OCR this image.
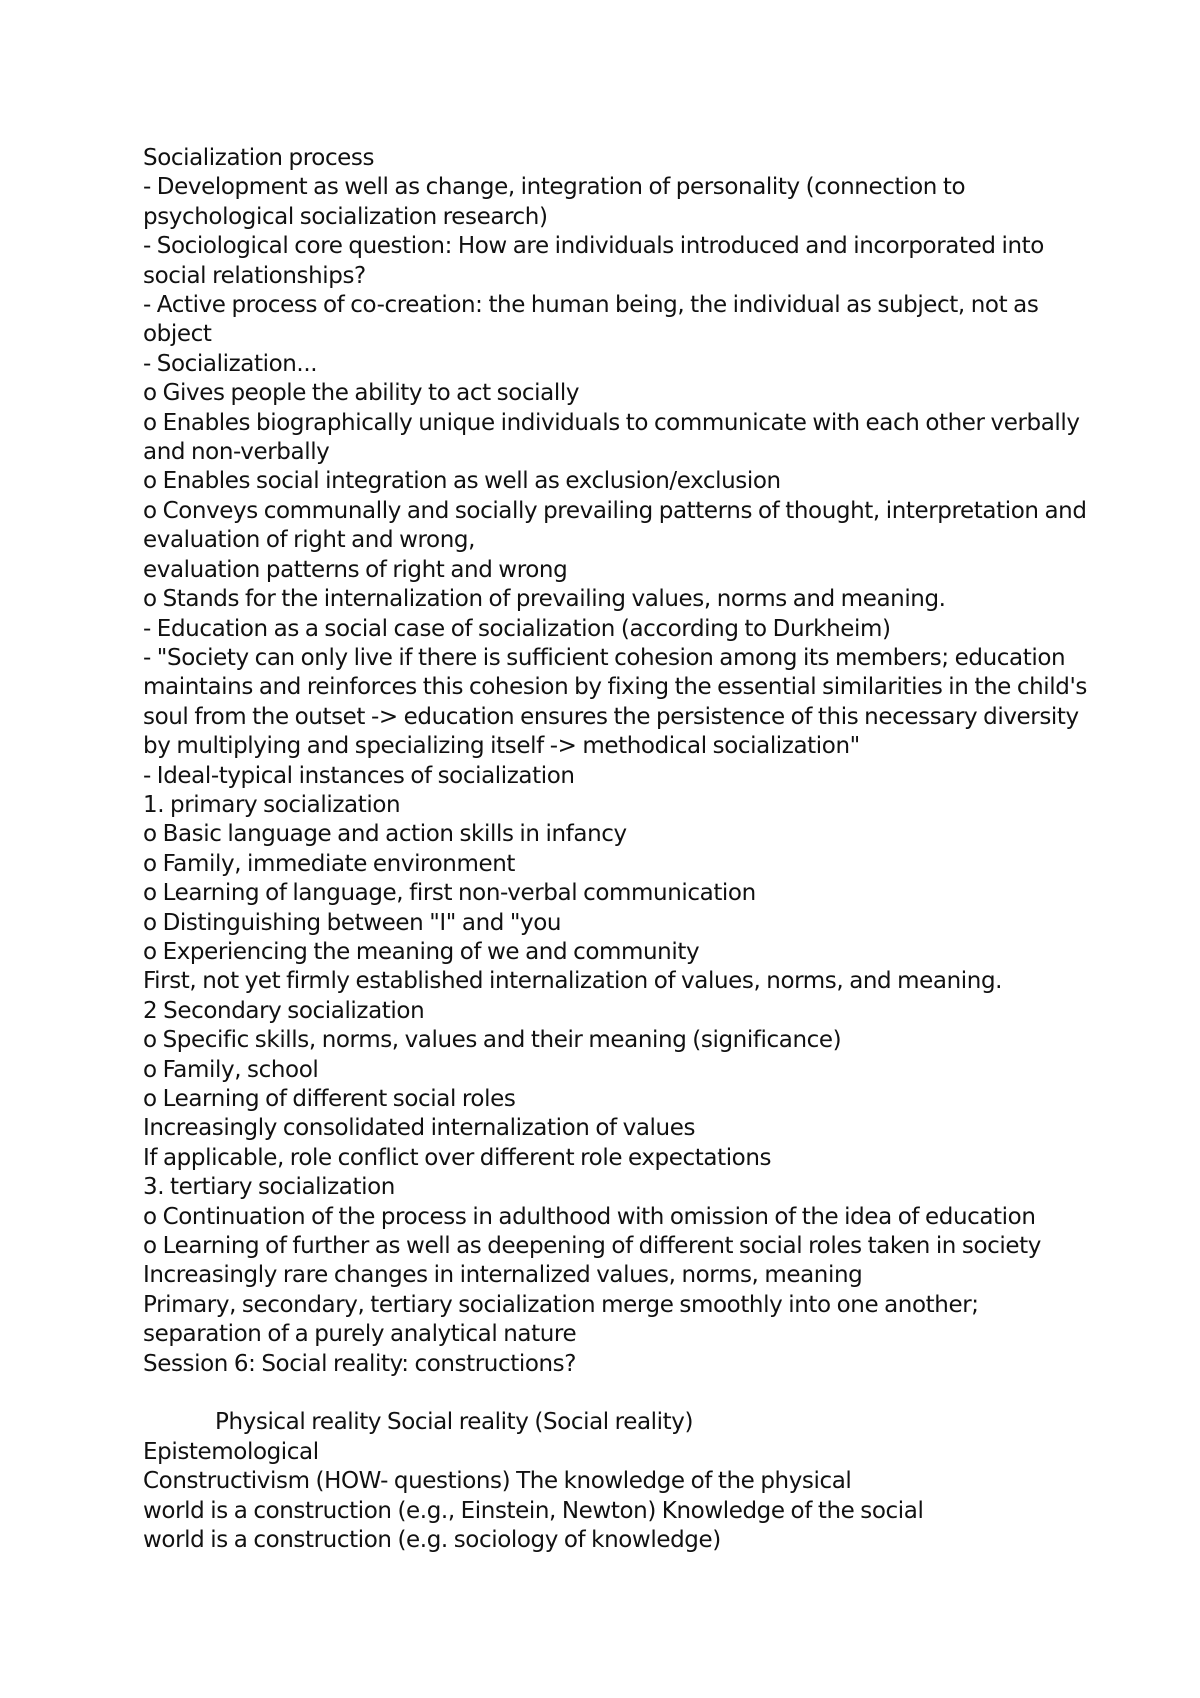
Socialization process
- Development as well as change, integration of personality (connection to
psychological socialization research)
- Sociological core question: How are individuals introduced and incorporated into
social relationships?
- Active process of co-creation: the human being, the individual as subject, not as
object
- Socialization...
o Gives people the ability to act socially
o Enables biographically unique individuals to communicate with each other verbally
and non-verbally
o Enables social integration as well as exclusion/exclusion
o Conveys communally and socially prevailing patterns of thought, interpretation and
evaluation of right and wrong,
evaluation patterns of right and wrong
o Stands for the internalization of prevailing values, norms and meaning.
- Education as a social case of socialization (according to Durkheim)
- "Society can only live if there is sufficient cohesion among its members; education
maintains and reinforces this cohesion by fixing the essential similarities in the child's
soul from the outset -> education ensures the persistence of this necessary diversity
by multiplying and specializing itself -> methodical socialization"
- Ideal-typical instances of socialization
1. primary socialization
o Basic language and action skills in infancy
o Family, immediate environment
o Learning of language, first non-verbal communication
o Distinguishing between "I" and "you
o Experiencing the meaning of we and community
First, not yet firmly established internalization of values, norms, and meaning.
2 Secondary socialization
o Specific skills, norms, values and their meaning (significance)
o Family, school
o Learning of different social roles
Increasingly consolidated internalization of values
If applicable, role conflict over different role expectations
3. tertiary socialization
o Continuation of the process in adulthood with omission of the idea of education
o Learning of further as well as deepening of different social roles taken in society
Increasingly rare changes in internalized values, norms, meaning
Primary, secondary, tertiary socialization merge smoothly into one another;
separation of a purely analytical nature
Session 6: Social reality: constructions?
Physical reality Social reality (Social reality)
Epistemological
Constructivism (HOW- questions) The knowledge of the physical
world is a construction (e.g., Einstein, Newton) Knowledge of the social
world is a construction (e.g. sociology of knowledge)
